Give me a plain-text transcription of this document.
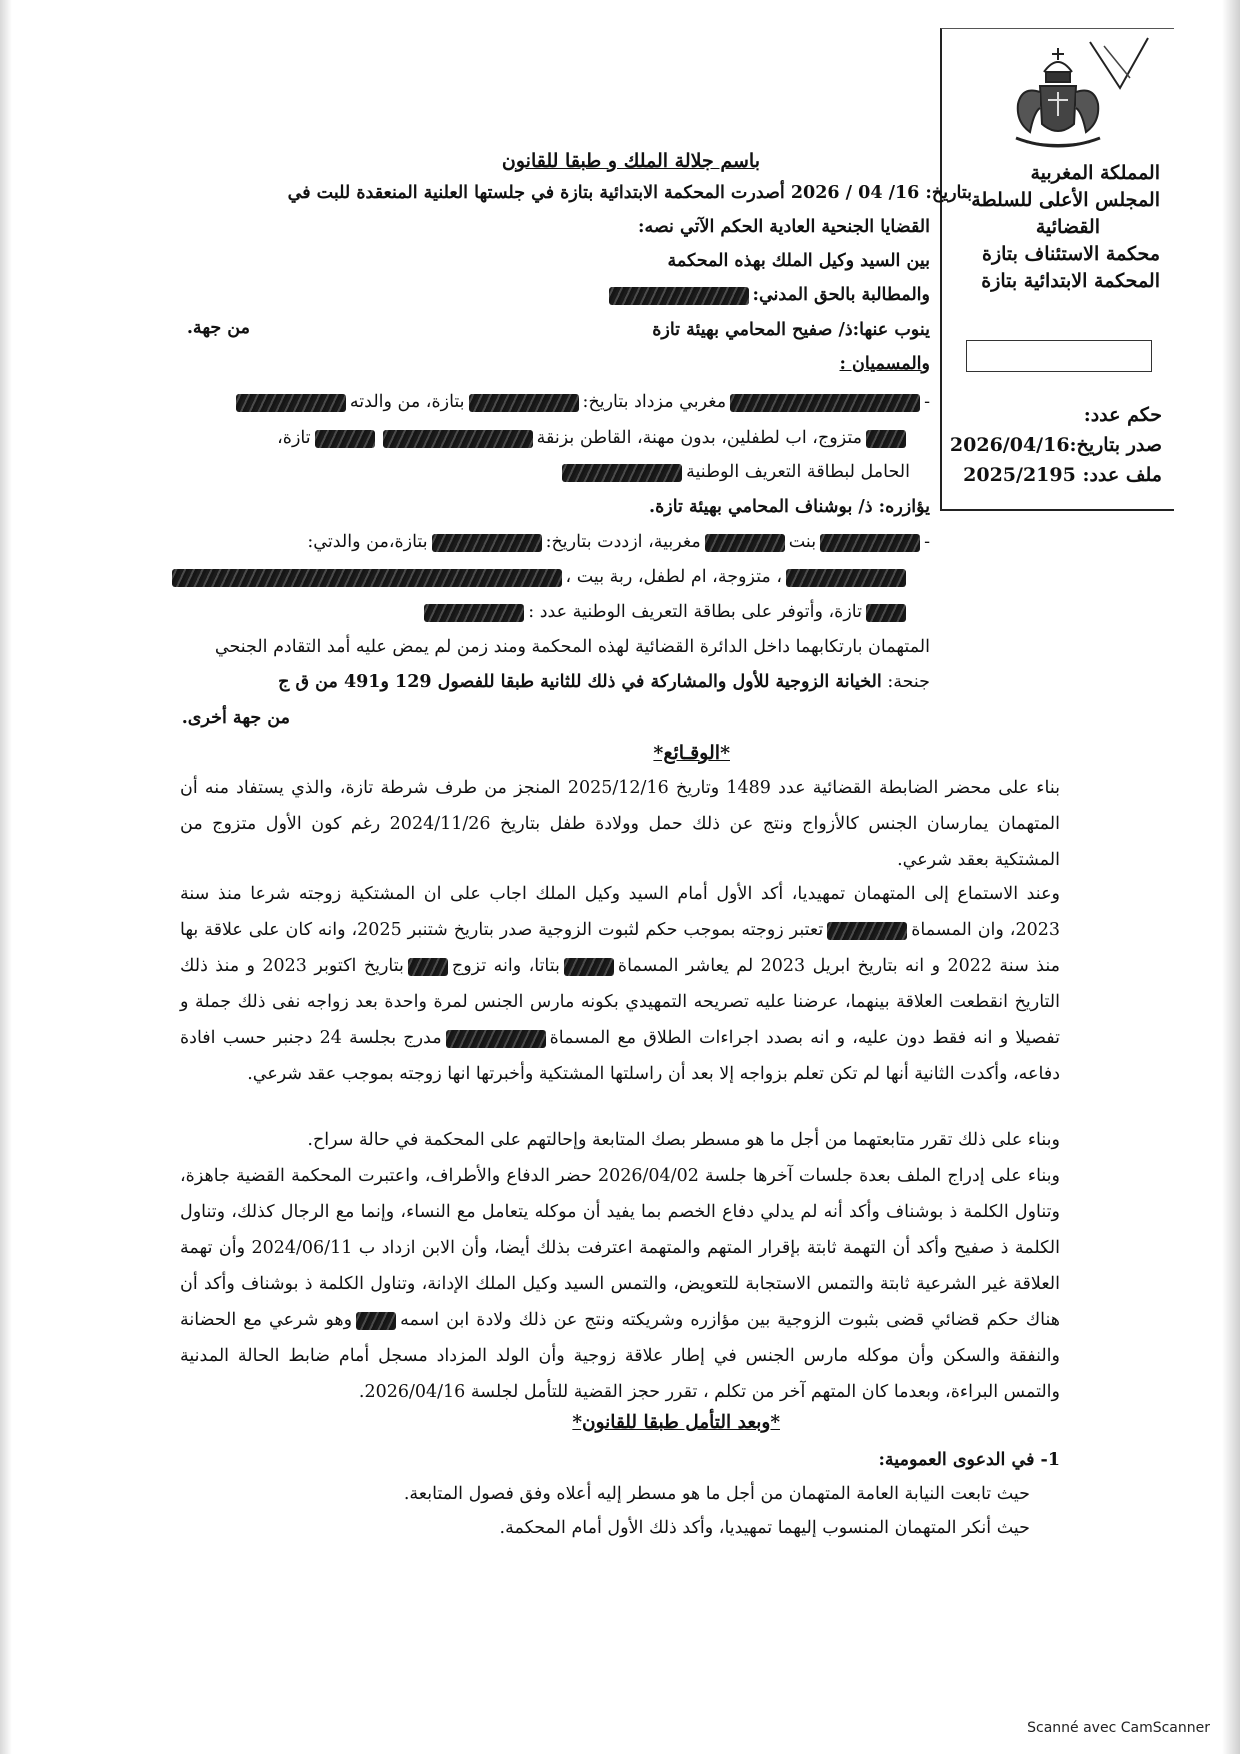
المملكة المغربية
المجلس الأعلى للسلطة
القضائية
محكمة الاستئناف بتازة
المحكمة الابتدائية بتازة
حكم عدد:
صدر بتاريخ:2026/04/16
ملف عدد: 2025/2195
باسم جلالة الملك و طبقا للقانون
بتاريخ: 16/ 04 / 2026 أصدرت المحكمة الابتدائية بتازة في جلستها العلنية المنعقدة للبت في
القضايا الجنحية العادية الحكم الآتي نصه:
بين السيد وكيل الملك بهذه المحكمة
والمطالبة بالحق المدني:
من جهة.	ينوب عنها:ذ/ صفيح المحامي بهيئة تازة
والمسميان :
-مغربي مزداد بتاريخ:بتازة، من والدته
متزوج، اب لطفلين، بدون مهنة، القاطن بزنقةتازة،
الحامل لبطاقة التعريف الوطنية
يؤازره: ذ/ بوشناف المحامي بهيئة تازة.
-بنتمغربية، ازددت بتاريخ:بتازة،من والدتي:
، متزوجة، ام لطفل، ربة بيت ،
تازة، وأتوفر على بطاقة التعريف الوطنية عدد :
المتهمان بارتكابهما داخل الدائرة القضائية لهذه المحكمة ومند زمن لم يمض عليه أمد التقادم الجنحي
جنحة: الخيانة الزوجية للأول والمشاركة في ذلك للثانية طبقا للفصول 129 و491 من ق ج
من جهة أخرى.
*الوقـائع*
بناء على محضر الضابطة القضائية عدد 1489 وتاريخ 2025/12/16 المنجز من طرف شرطة تازة، والذي يستفاد منه أن المتهمان يمارسان الجنس كالأزواج ونتج عن ذلك حمل وولادة طفل بتاريخ 2024/11/26 رغم كون الأول متزوج من المشتكية بعقد شرعي.
وعند الاستماع إلى المتهمان تمهيديا، أكد الأول أمام السيد وكيل الملك اجاب على ان المشتكية زوجته شرعا منذ سنة 2023، وان المسماةتعتبر زوجته بموجب حكم لثبوت الزوجية صدر بتاريخ شتنبر 2025، وانه كان على علاقة بها منذ سنة 2022 و انه بتاريخ ابريل 2023 لم يعاشر المسماةبتاتا، وانه تزوجبتاريخ اكتوبر 2023 و منذ ذلك التاريخ انقطعت العلاقة بينهما، عرضنا عليه تصريحه التمهيدي بكونه مارس الجنس لمرة واحدة بعد زواجه نفى ذلك جملة و تفصيلا و انه فقط دون عليه، و انه بصدد اجراءات الطلاق مع المسماةمدرج بجلسة 24 دجنبر حسب افادة دفاعه، وأكدت الثانية أنها لم تكن تعلم بزواجه إلا بعد أن راسلتها المشتكية وأخبرتها انها زوجته بموجب عقد شرعي.
وبناء على ذلك تقرر متابعتهما من أجل ما هو مسطر بصك المتابعة وإحالتهم على المحكمة في حالة سراح.
وبناء على إدراج الملف بعدة جلسات آخرها جلسة 2026/04/02 حضر الدفاع والأطراف، واعتبرت المحكمة القضية جاهزة، وتناول الكلمة ذ بوشناف وأكد أنه لم يدلي دفاع الخصم بما يفيد أن موكله يتعامل مع النساء، وإنما مع الرجال كذلك، وتناول الكلمة ذ صفيح وأكد أن التهمة ثابتة بإقرار المتهم والمتهمة اعترفت بذلك أيضا، وأن الابن ازداد ب 2024/06/11 وأن تهمة العلاقة غير الشرعية ثابتة والتمس الاستجابة للتعويض، والتمس السيد وكيل الملك الإدانة، وتناول الكلمة ذ بوشناف وأكد أن هناك حكم قضائي قضى بثبوت الزوجية بين مؤازره وشريكته ونتج عن ذلك ولادة ابن اسمهوهو شرعي مع الحضانة والنفقة والسكن وأن موكله مارس الجنس في إطار علاقة زوجية وأن الولد المزداد مسجل أمام ضابط الحالة المدنية والتمس البراءة، وبعدما كان المتهم آخر من تكلم ، تقرر حجز القضية للتأمل لجلسة 2026/04/16.
*وبعد التأمل طبقا للقانون*
1- في الدعوى العمومية:
حيث تابعت النيابة العامة المتهمان من أجل ما هو مسطر إليه أعلاه وفق فصول المتابعة.
حيث أنكر المتهمان المنسوب إليهما تمهيديا، وأكد ذلك الأول أمام المحكمة.
Scanné avec CamScanner
